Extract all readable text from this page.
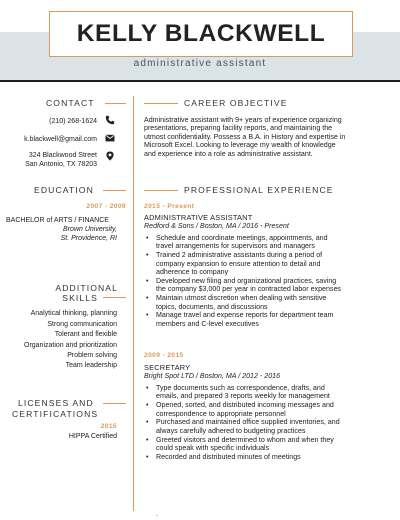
KELLY BLACKWELL
administrative assistant
CONTACT
(210) 268-1624
k.blackwell@gmail.com
324 Blackwood Street
San Antonio, TX 78203
EDUCATION
2007 - 2009
BACHELOR of ARTS / FINANCE
Brown University,
St. Providence, RI
ADDITIONAL
SKILLS
Analytical thinking, planning
Strong communication
Tolerant and flexible
Organization and prioritization
Problem solving
Team leadership
LICENSES AND
CERTIFICATIONS
2015
HIPPA Certified
CAREER OBJECTIVE
Administrative assistant with 9+ years of experience organizing
presentations, preparing facility reports, and maintaining the
utmost confidentiality. Possess a B.A. in History and expertise in
Microsoft Excel. Looking to leverage my wealth of knowledge
and experience into a role as administrative assistant.
PROFESSIONAL EXPERIENCE
2015 - Present
ADMINISTRATIVE ASSISTANT
Redford & Sons / Boston, MA / 2016 - Present
• Schedule and coordinate meetings, appointments, and
travel arrangements for supervisors and managers
• Trained 2 administrative assistants during a period of
company expansion to ensure attention to detail and
adherence to company
• Developed new filing and organizational practices, saving
the company $3,000 per year in contracted labor expenses
• Maintain utmost discretion when dealing with sensitive
topics, documents, and discussions
• Manage travel and expense reports for department team
members and C-level executives
2009 - 2015
SECRETARY
Bright Spot LTD / Boston, MA / 2012 - 2016
• Type documents such as correspondence, drafts, and
emails, and prepared 3 reports weekly for management
• Opened, sorted, and distributed incoming messages and
correspondence to appropriate personnel
• Purchased and maintained office supplied inventories, and
always carefully adhered to budgeting practices
• Greeted visitors and determined to whom and when they
could speak with specific individuals
• Recorded and distributed minutes of meetings
.
